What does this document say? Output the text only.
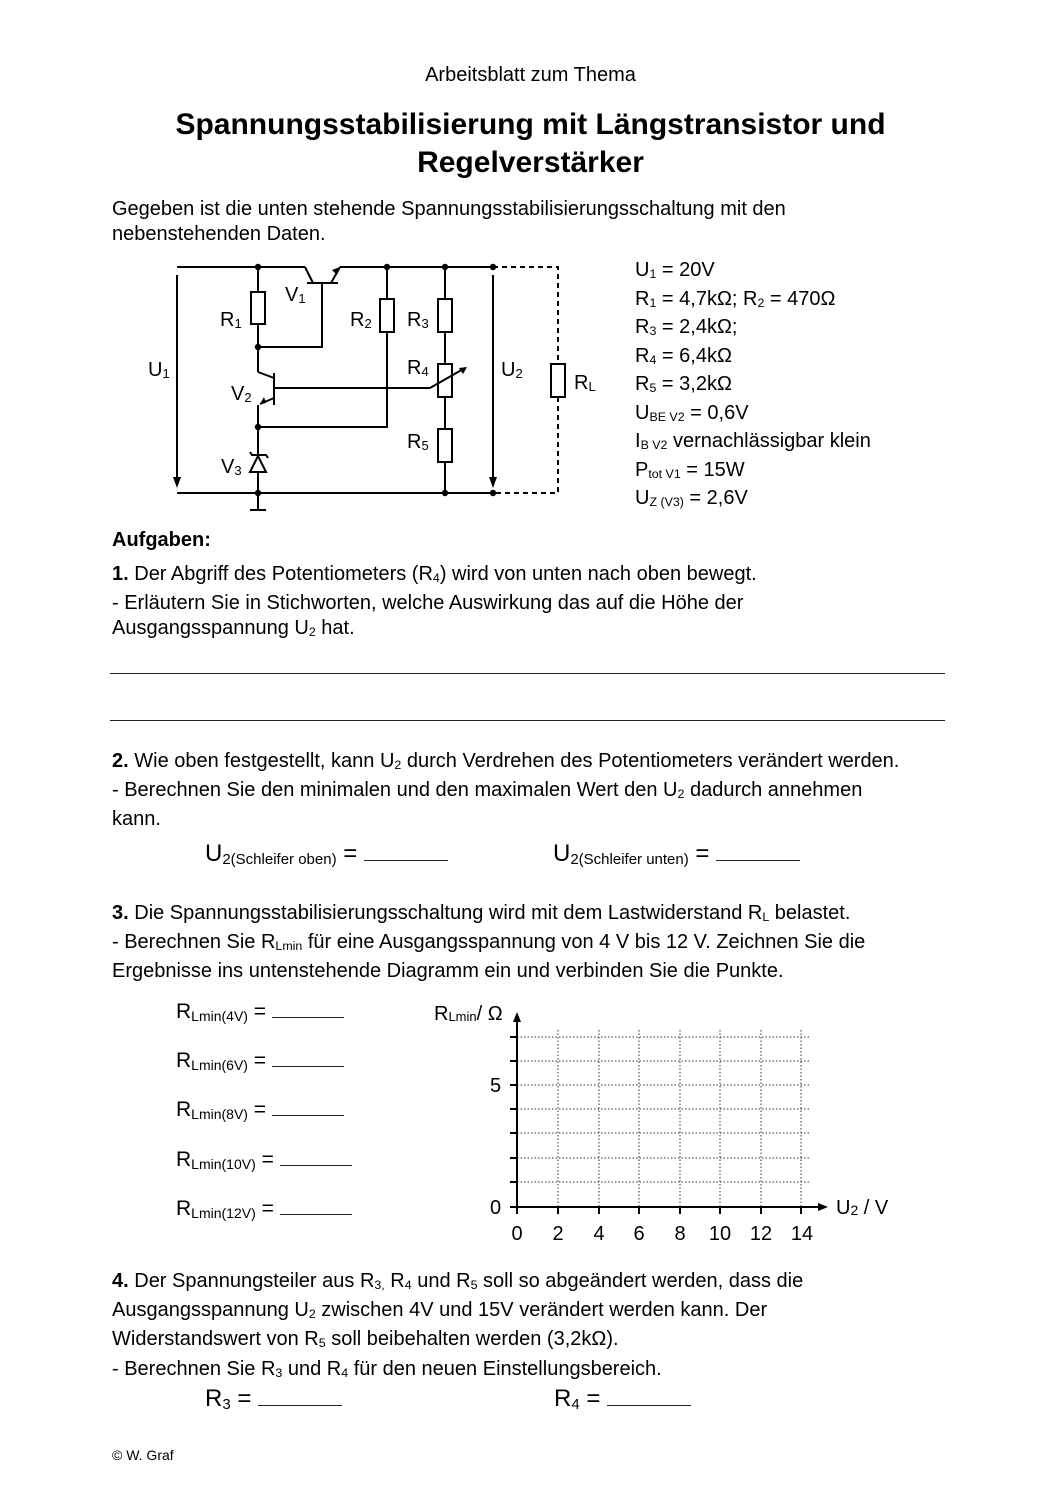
Arbeitsblatt zum Thema
Spannungsstabilisierung mit Längstransistor und
Regelverstärker
Gegeben ist die unten stehende Spannungsstabilisierungsschaltung mit den
nebenstehenden Daten.
U1	U2
R1	R2 R3
R4
R5
RL
V1
V2
V3
U1 = 20V
R1 = 4,7kΩ; R2 = 470Ω
R3 = 2,4kΩ;
R4 = 6,4kΩ
R5 = 3,2kΩ
UBE V2 = 0,6V
IB V2 vernachlässigbar klein
Ptot V1 = 15W
UZ (V3) = 2,6V
Aufgaben:
1. Der Abgriff des Potentiometers (R4) wird von unten nach oben bewegt.
- Erläutern Sie in Stichworten, welche Auswirkung das auf die Höhe der
Ausgangsspannung U2 hat.
2. Wie oben festgestellt, kann U2 durch Verdrehen des Potentiometers verändert werden.
- Berechnen Sie den minimalen und den maximalen Wert den U2 dadurch annehmen
kann.
U2(Schleifer oben) =	U2(Schleifer unten) =
3. Die Spannungsstabilisierungsschaltung wird mit dem Lastwiderstand RL belastet.
- Berechnen Sie RLmin für eine Ausgangsspannung von 4 V bis 12 V. Zeichnen Sie die
Ergebnisse ins untenstehende Diagramm ein und verbinden Sie die Punkte.
RLmin(4V) =
RLmin(6V) =
RLmin(8V) =
RLmin(10V) =
RLmin(12V) =
5
0
0 2 4 6 8 10 12 14
RLmin/ Ω
U2 / V
4. Der Spannungsteiler aus R3, R4 und R5 soll so abgeändert werden, dass die
Ausgangsspannung U2 zwischen 4V und 15V verändert werden kann. Der
Widerstandswert von R5 soll beibehalten werden (3,2kΩ).
- Berechnen Sie R3 und R4 für den neuen Einstellungsbereich.
R3 =	R4 =
© W. Graf
